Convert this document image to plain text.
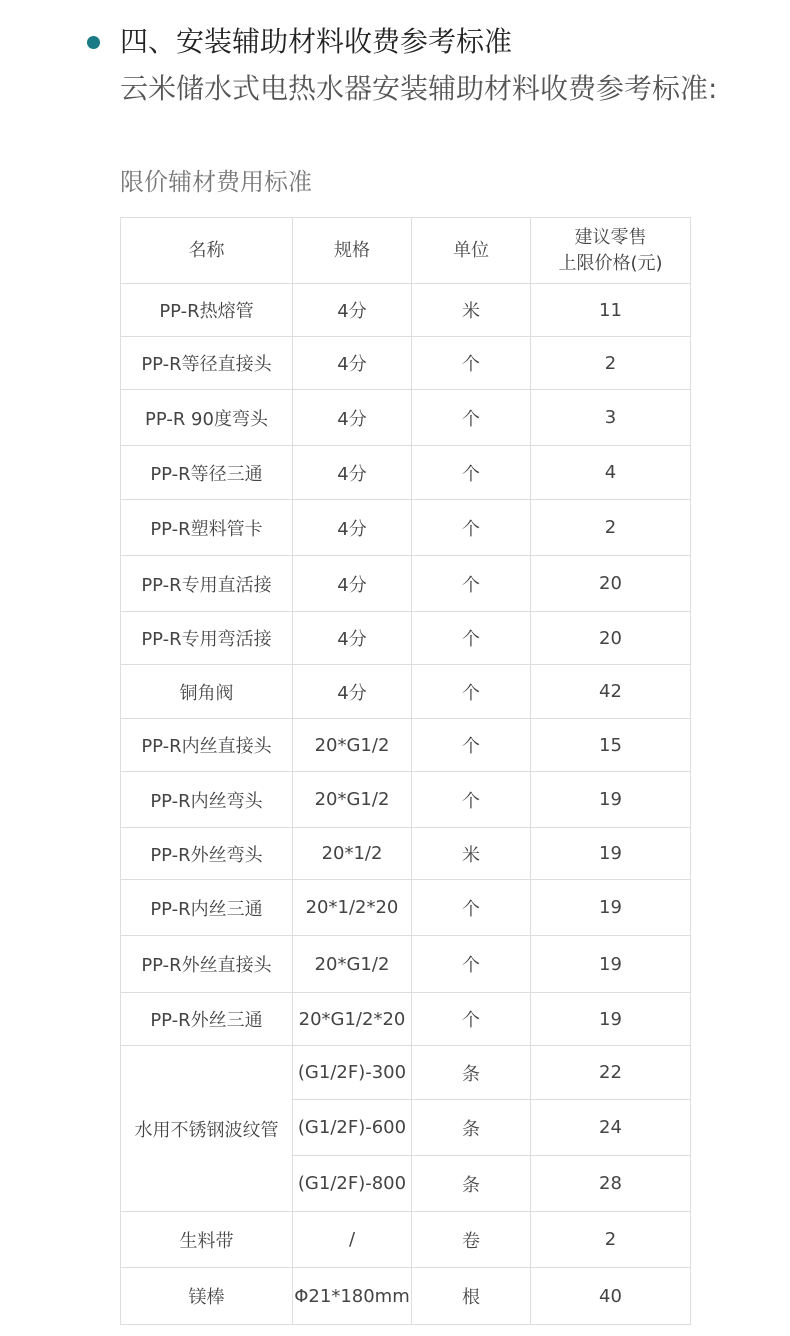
四、安装辅助材料收费参考标准
云米储水式电热水器安装辅助材料收费参考标准:
限价辅材费用标准
名称	规格	单位	建议零售
上限价格(元)

PP-R热熔管	4分	米	11
PP-R等径直接头	4分	个	2
PP-R 90度弯头	4分	个	3
PP-R等径三通	4分	个	4
PP-R塑料管卡	4分	个	2
PP-R专用直活接	4分	个	20
PP-R专用弯活接	4分	个	20
铜角阀	4分	个	42
PP-R内丝直接头	20*G1/2	个	15
PP-R内丝弯头	20*G1/2	个	19
PP-R外丝弯头	20*1/2	米	19
PP-R内丝三通	20*1/2*20	个	19
PP-R外丝直接头	20*G1/2	个	19
PP-R外丝三通	20*G1/2*20	个	19
水用不锈钢波纹管	(G1/2F)-300	条	22
	(G1/2F)-600	条	24
	(G1/2F)-800	条	28
生料带	/	卷	2
镁棒	Φ21*180mm	根	40
